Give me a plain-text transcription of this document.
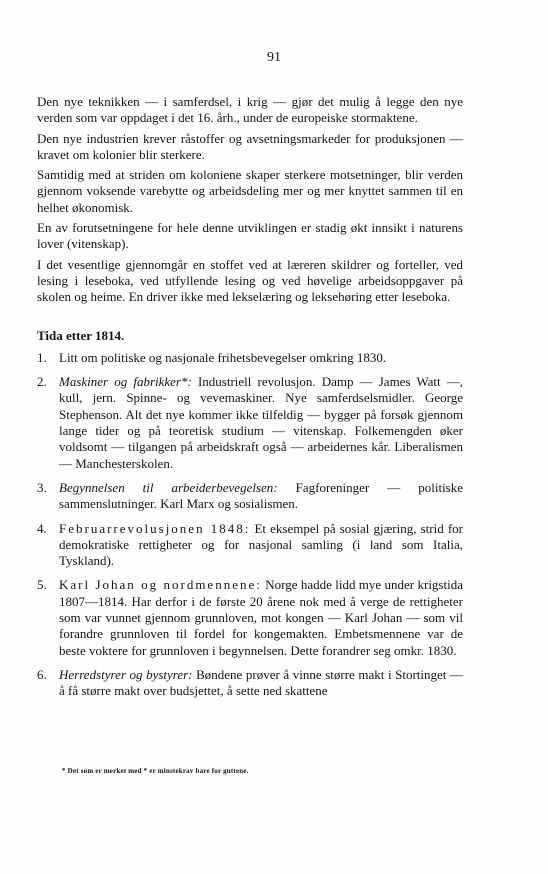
91

Den nye teknikken — i samferdsel, i krig — gjør det mulig å legge den nye verden som var oppdaget i det 16. årh., under de europeiske stormaktene.

Den nye industrien krever råstoffer og avsetningsmarkeder for produksjonen — kravet om kolonier blir sterkere.

Samtidig med at striden om koloniene skaper sterkere motsetninger, blir verden gjennom voksende varebytte og arbeidsdeling mer og mer knyttet sammen til en helhet økonomisk.

En av forutsetningene for hele denne utviklingen er stadig økt innsikt i naturens lover (vitenskap).

I det vesentlige gjennomgår en stoffet ved at læreren skildrer og forteller, ved lesing i leseboka, ved utfyllende lesing og ved høvelige arbeidsoppgaver på skolen og heime. En driver ikke med lekselæring og leksehøring etter leseboka.

Tida etter 1814.
1. Litt om politiske og nasjonale frihetsbevegelser omkring 1830.
2. Maskiner og fabrikker*: Industriell revolusjon. Damp — James Watt —, kull, jern. Spinne- og vevemaskiner. Nye samferdselsmidler. George Stephenson. Alt det nye kommer ikke tilfeldig — bygger på forsøk gjennom lange tider og på teoretisk studium — vitenskap. Folkemengden øker voldsomt — tilgangen på arbeidskraft også — arbeidernes kår. Liberalismen — Manchesterskolen.
3. Begynnelsen til arbeiderbevegelsen: Fagforeninger — politiske sammenslutninger. Karl Marx og sosialismen.
4. Februarrevolusjonen 1848: Et eksempel på sosial gjæring, strid for demokratiske rettigheter og for nasjonal samling (i land som Italia, Tyskland).
5. Karl Johan og nordmennene: Norge hadde lidd mye under krigstida 1807—1814. Har derfor i de første 20 årene nok med å verge de rettigheter som var vunnet gjennom grunnloven, mot kongen — Karl Johan — som vil forandre grunnloven til fordel for kongemakten. Embetsmennene var de beste voktere for grunnloven i begynnelsen. Dette forandrer seg omkr. 1830.
6. Herredstyrer og bystyrer: Bøndene prøver å vinne større makt i Stortinget — å få større makt over budsjettet, å sette ned skattene
* Det som er merket med * er minstekrav bare for guttene.
